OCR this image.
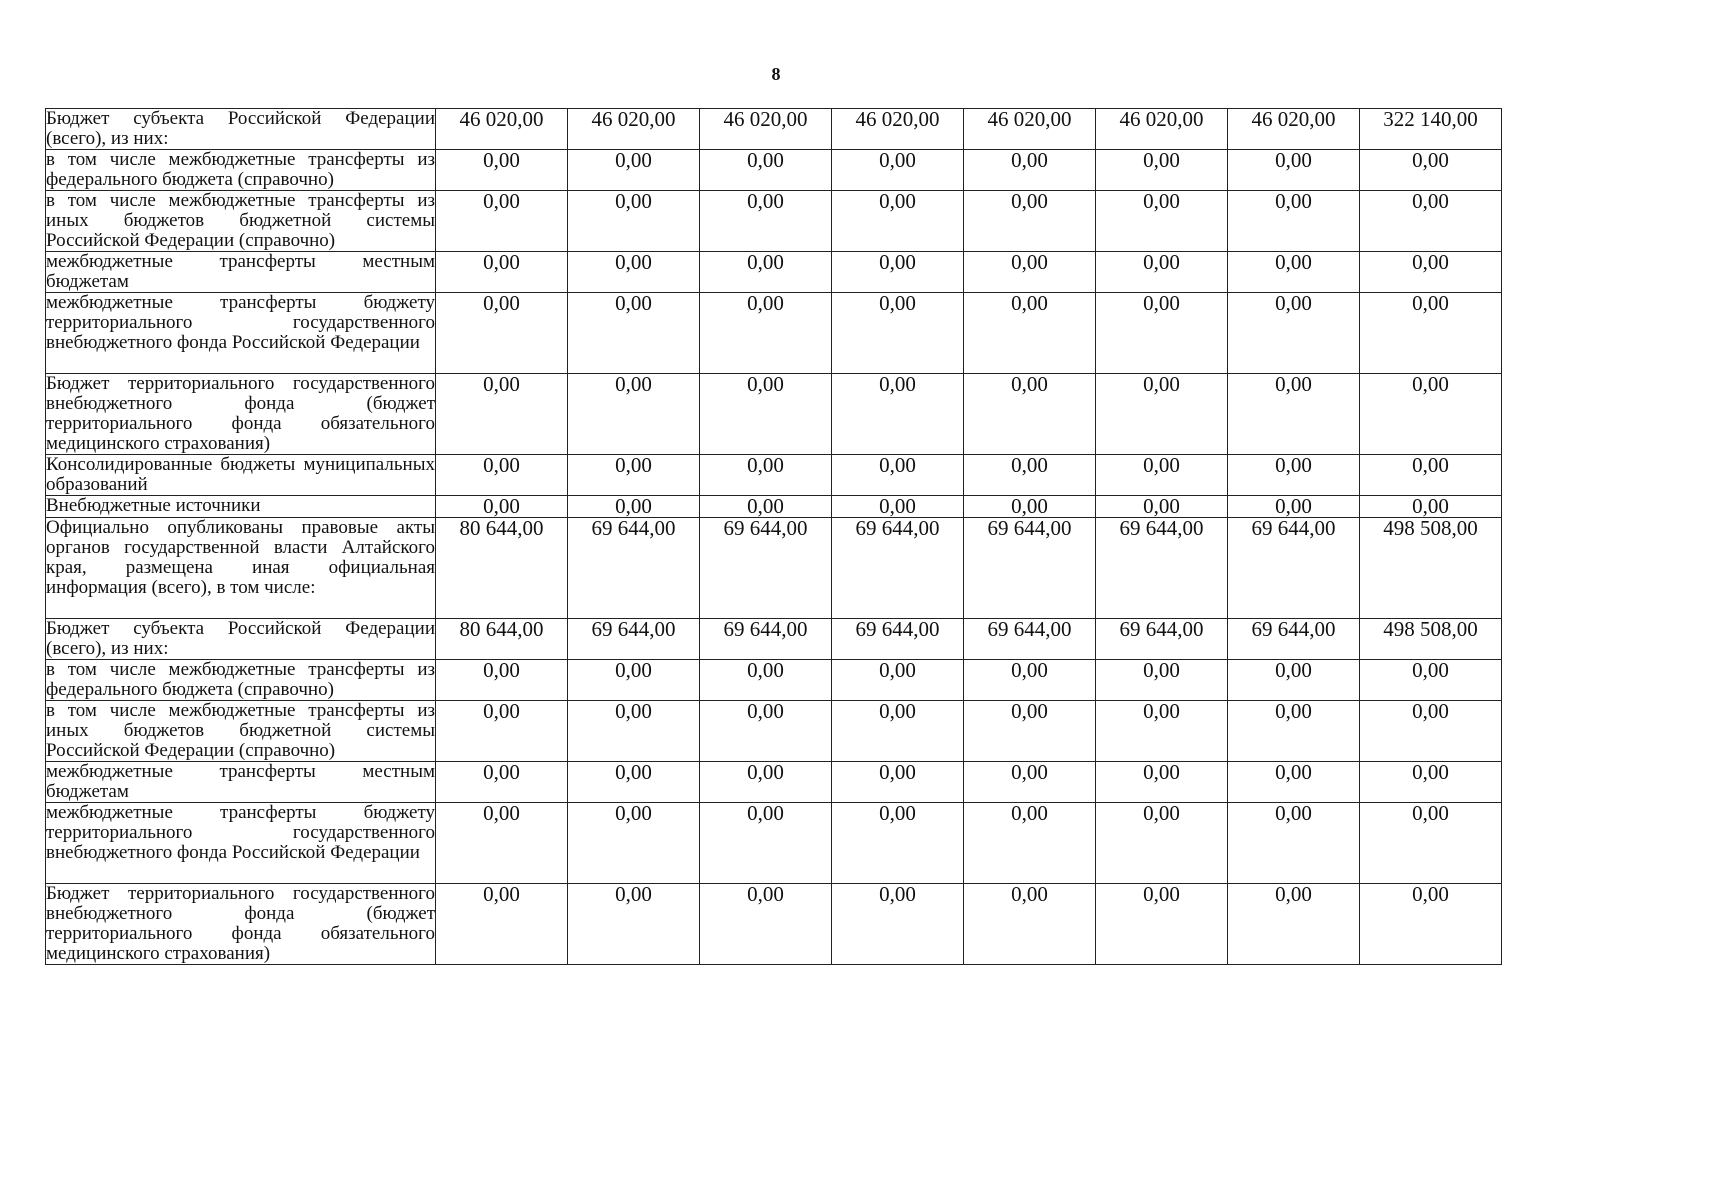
8
Бюджет субъекта Российской Федерации (всего), из них:	46 020,00	46 020,00	46 020,00	46 020,00	46 020,00	46 020,00	46 020,00	322 140,00
в том числе межбюджетные трансферты из федерального бюджета (справочно)	0,00	0,00	0,00	0,00	0,00	0,00	0,00	0,00
в том числе межбюджетные трансферты из иных бюджетов бюджетной системы Российской Федерации (справочно)	0,00	0,00	0,00	0,00	0,00	0,00	0,00	0,00
межбюджетные трансферты местным бюджетам	0,00	0,00	0,00	0,00	0,00	0,00	0,00	0,00
межбюджетные трансферты бюджету территориального государственного внебюджетного фонда Российской Федерации	0,00	0,00	0,00	0,00	0,00	0,00	0,00	0,00
Бюджет территориального государственного внебюджетного фонда (бюджет территориального фонда обязательного медицинского страхования)	0,00	0,00	0,00	0,00	0,00	0,00	0,00	0,00
Консолидированные бюджеты муниципальных образований	0,00	0,00	0,00	0,00	0,00	0,00	0,00	0,00
Внебюджетные источники	0,00	0,00	0,00	0,00	0,00	0,00	0,00	0,00
Официально опубликованы правовые акты органов государственной власти Алтайского края, размещена иная официальная информация (всего), в том числе:	80 644,00	69 644,00	69 644,00	69 644,00	69 644,00	69 644,00	69 644,00	498 508,00
Бюджет субъекта Российской Федерации (всего), из них:	80 644,00	69 644,00	69 644,00	69 644,00	69 644,00	69 644,00	69 644,00	498 508,00
в том числе межбюджетные трансферты из федерального бюджета (справочно)	0,00	0,00	0,00	0,00	0,00	0,00	0,00	0,00
в том числе межбюджетные трансферты из иных бюджетов бюджетной системы Российской Федерации (справочно)	0,00	0,00	0,00	0,00	0,00	0,00	0,00	0,00
межбюджетные трансферты местным бюджетам	0,00	0,00	0,00	0,00	0,00	0,00	0,00	0,00
межбюджетные трансферты бюджету территориального государственного внебюджетного фонда Российской Федерации	0,00	0,00	0,00	0,00	0,00	0,00	0,00	0,00
Бюджет территориального государственного внебюджетного фонда (бюджет территориального фонда обязательного медицинского страхования)	0,00	0,00	0,00	0,00	0,00	0,00	0,00	0,00
